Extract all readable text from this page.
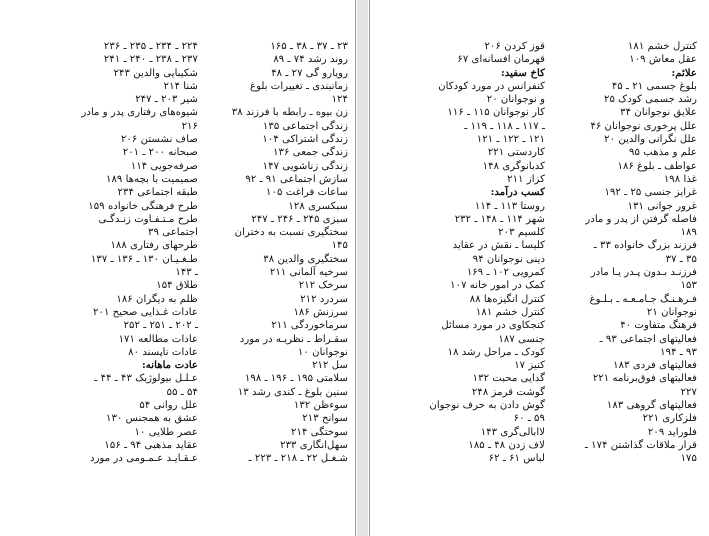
۲۳ ـ ۳۷ ـ ۳۸ ـ ۱۶۵
روند رشد ۷۴ ـ ۸۹
رویارو گی ۲۷ ـ ۴۸
زمانبندی ـ تغییرات بلوغ
۱۲۴
زن بیوه ـ رابطه با فرزند ۳۸
زندگی اجتماعی ۱۳۵
زندگی اشتراکی ۱۰۴
زندگی جمعی ۱۳۶
زندگی زناشویی ۱۴۷
سازش اجتماعی ۹۱ ـ ۹۲
ساعات فراغت ۱۰۵
سبکسری ۱۲۸
سبزی ۲۴۵ ـ ۲۴۶ ـ ۲۴۷
سختگیری نسبت به دختران
۱۴۵
سختگیری والدین ۳۸
سرخیه آلمانی ۲۱۱
سرخک ۲۱۲
سردرد ۲۱۲
سرزنش ۱۸۶
سرماخوردگی ۲۱۱
سقـراط ـ نظریـه در مورد
نوجوانان ۱۰
سل ۲۱۲
سلامتی ۱۹۵ ـ ۱۹۶ ـ ۱۹۸
سنین بلوغ ـ کندی رشد ۱۳
سوءظن ۱۳۲
سوانح ۲۱۳
سوختگی ۲۱۴
سهل‌انگاری ۲۳۳
شـغـل ۲۲ ـ ۲۱۸ ـ ۲۲۳ ـ
۲۲۴ ـ ۲۳۴ ـ ۲۳۵ ـ ۲۳۶
۲۳۷ ـ ۲۳۸ ـ ۲۴۰ ـ ۲۴۱
شکیبایی والدین ۲۴۳
شنا ۲۱۴
شیر ۲۰۳ ـ ۲۴۷
شیوه‌های رفتاری پدر و مادر
۲۱۶
صاف نشستن ۲۰۶
صبحانه ۲۰۰ ـ ۲۰۱
صرفه‌جویی ۱۱۴
صمیمیت با بچه‌ها ۱۸۹
طبقه اجتماعی ۲۳۴
طرح فرهنگی خانواده ۱۵۹
طرح مـتـفـاوت زنـدگـی
اجتماعی ۳۹
طرحهای رفتاری ۱۸۸
طـغـیـان ۱۳۰ ـ ۱۳۶ ـ ۱۳۷
ـ ۱۴۳
طلاق ۱۵۴
ظلم به دیگران ۱۸۶
عادات غـذایی صحیح ۲۰۱
ـ ۲۰۲ ـ ۲۵۱ ـ ۲۵۲
عادات مطالعه ۱۷۱
عادات ناپسند ۸۰
عادت ماهانه:
عـلـل بیولوژیک ۴۳ ـ ۴۴ ـ
۵۴ ـ ۵۵
علل روانی ۵۴
عشق به همجنس ۱۳۰
عصر طلایی ۱۰
عقاید مذهبی ۹۴ ـ ۱۵۶
عـقـایـد عـمـومی در مورد
کنترل خشم ۱۸۱
عقل معاش ۱۰۹
علائم:
بلوغ جسمی ۲۱ ـ ۴۵
رشد جسمی کودک ۲۵
علایق نوجوانان ۳۴
علل پرخوری نوجوانان ۴۶
علل نگرانی والدین ۲۰
علم و مذهب ۹۵
عواطف ـ بلوغ ۱۸۶
غذا ۱۹۸
غرایز جنسی ۲۵ ـ ۱۹۲
غرور جوانی ۱۳۱
فاصله گرفتن از پدر و مادر
۱۸۹
فرزند بزرگ خانواده ۳۳ ـ
۳۵ ـ ۳۷
فرزنـد بـدون پـدر یـا مادر
۱۵۳
فـرهـنـگ جـامـعـه ـ بـلـوغ
نوجوانان ۲۱
فرهنگ متفاوت ۴۰
فعالیتهای اجتماعی ۹۳ ـ
۹۳ ـ ۱۹۴
فعالیتهای فردی ۱۸۳
فعالیتهای فوق‌برنامه ۲۲۱
۲۲۷
فعالیتهای گروهی ۱۸۳
فلزکاری ۲۲۱
فلوراید ۲۰۹
قرار ملاقات گذاشتن ۱۷۴ ـ
۱۷۵
قوز کردن ۲۰۶
قهرمان افسانه‌ای ۶۷
کاخ سفید:
کنفرانس در مورد کودکان
و نوجوانان ۲۰
کار نوجوانان ۱۱۵ ـ ۱۱۶
ـ ۱۱۷ ـ ۱۱۸ ـ ۱۱۹ ـ
۱۲۱ ـ ۱۲۲ ـ ۱۲۱
کاردستی ۲۲۱
کدبانوگری ۱۴۸
کزاز ۲۱۱
کسب درآمد:
روستا ۱۱۳ ـ ۱۱۴
شهر ۱۱۴ ـ ۱۴۸ ـ ۲۳۲
کلسیم ۲۰۳
کلیسا ـ نقش در عقاید
دینی نوجوانان ۹۴
کمرویی ۱۰۲ ـ ۱۶۹
کمک در امور خانه ۱۰۷
کنترل انگیزه‌ها ۸۸
کنترل خشم ۱۸۱
کنجکاوی در مورد مسائل
جنسی ۱۸۷
کودک ـ مراحل رشد ۱۸
کنیز ۱۷
گدایی محبت ۱۳۲
گوشت قرمز ۲۴۸
گوش دادن به حرف نوجوان
۵۹ ـ ۶۰
لاابالی‌گری ۱۴۳
لاف زدن ۴۸ ـ ۱۸۵
لباس ۶۱ ـ ۶۲
